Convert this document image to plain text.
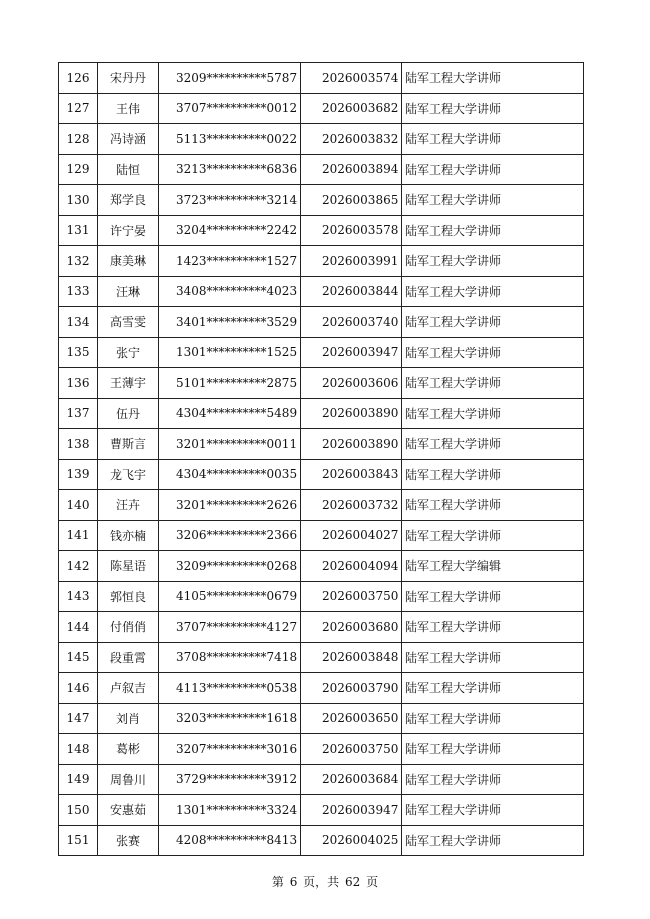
126	宋丹丹	3209**********5787	2026003574	陆军工程大学讲师
127	王伟	3707**********0012	2026003682	陆军工程大学讲师
128	冯诗涵	5113**********0022	2026003832	陆军工程大学讲师
129	陆恒	3213**********6836	2026003894	陆军工程大学讲师
130	郑学良	3723**********3214	2026003865	陆军工程大学讲师
131	许宁晏	3204**********2242	2026003578	陆军工程大学讲师
132	康美琳	1423**********1527	2026003991	陆军工程大学讲师
133	汪琳	3408**********4023	2026003844	陆军工程大学讲师
134	高雪雯	3401**********3529	2026003740	陆军工程大学讲师
135	张宁	1301**********1525	2026003947	陆军工程大学讲师
136	王薄宇	5101**********2875	2026003606	陆军工程大学讲师
137	伍丹	4304**********5489	2026003890	陆军工程大学讲师
138	曹斯言	3201**********0011	2026003890	陆军工程大学讲师
139	龙飞宇	4304**********0035	2026003843	陆军工程大学讲师
140	汪卉	3201**********2626	2026003732	陆军工程大学讲师
141	钱亦楠	3206**********2366	2026004027	陆军工程大学讲师
142	陈星语	3209**********0268	2026004094	陆军工程大学编辑
143	郭恒良	4105**********0679	2026003750	陆军工程大学讲师
144	付俏俏	3707**********4127	2026003680	陆军工程大学讲师
145	段重霄	3708**********7418	2026003848	陆军工程大学讲师
146	卢叙吉	4113**********0538	2026003790	陆军工程大学讲师
147	刘肖	3203**********1618	2026003650	陆军工程大学讲师
148	葛彬	3207**********3016	2026003750	陆军工程大学讲师
149	周鲁川	3729**********3912	2026003684	陆军工程大学讲师
150	安惠茹	1301**********3324	2026003947	陆军工程大学讲师
151	张赛	4208**********8413	2026004025	陆军工程大学讲师
第 6 页，共 62 页
